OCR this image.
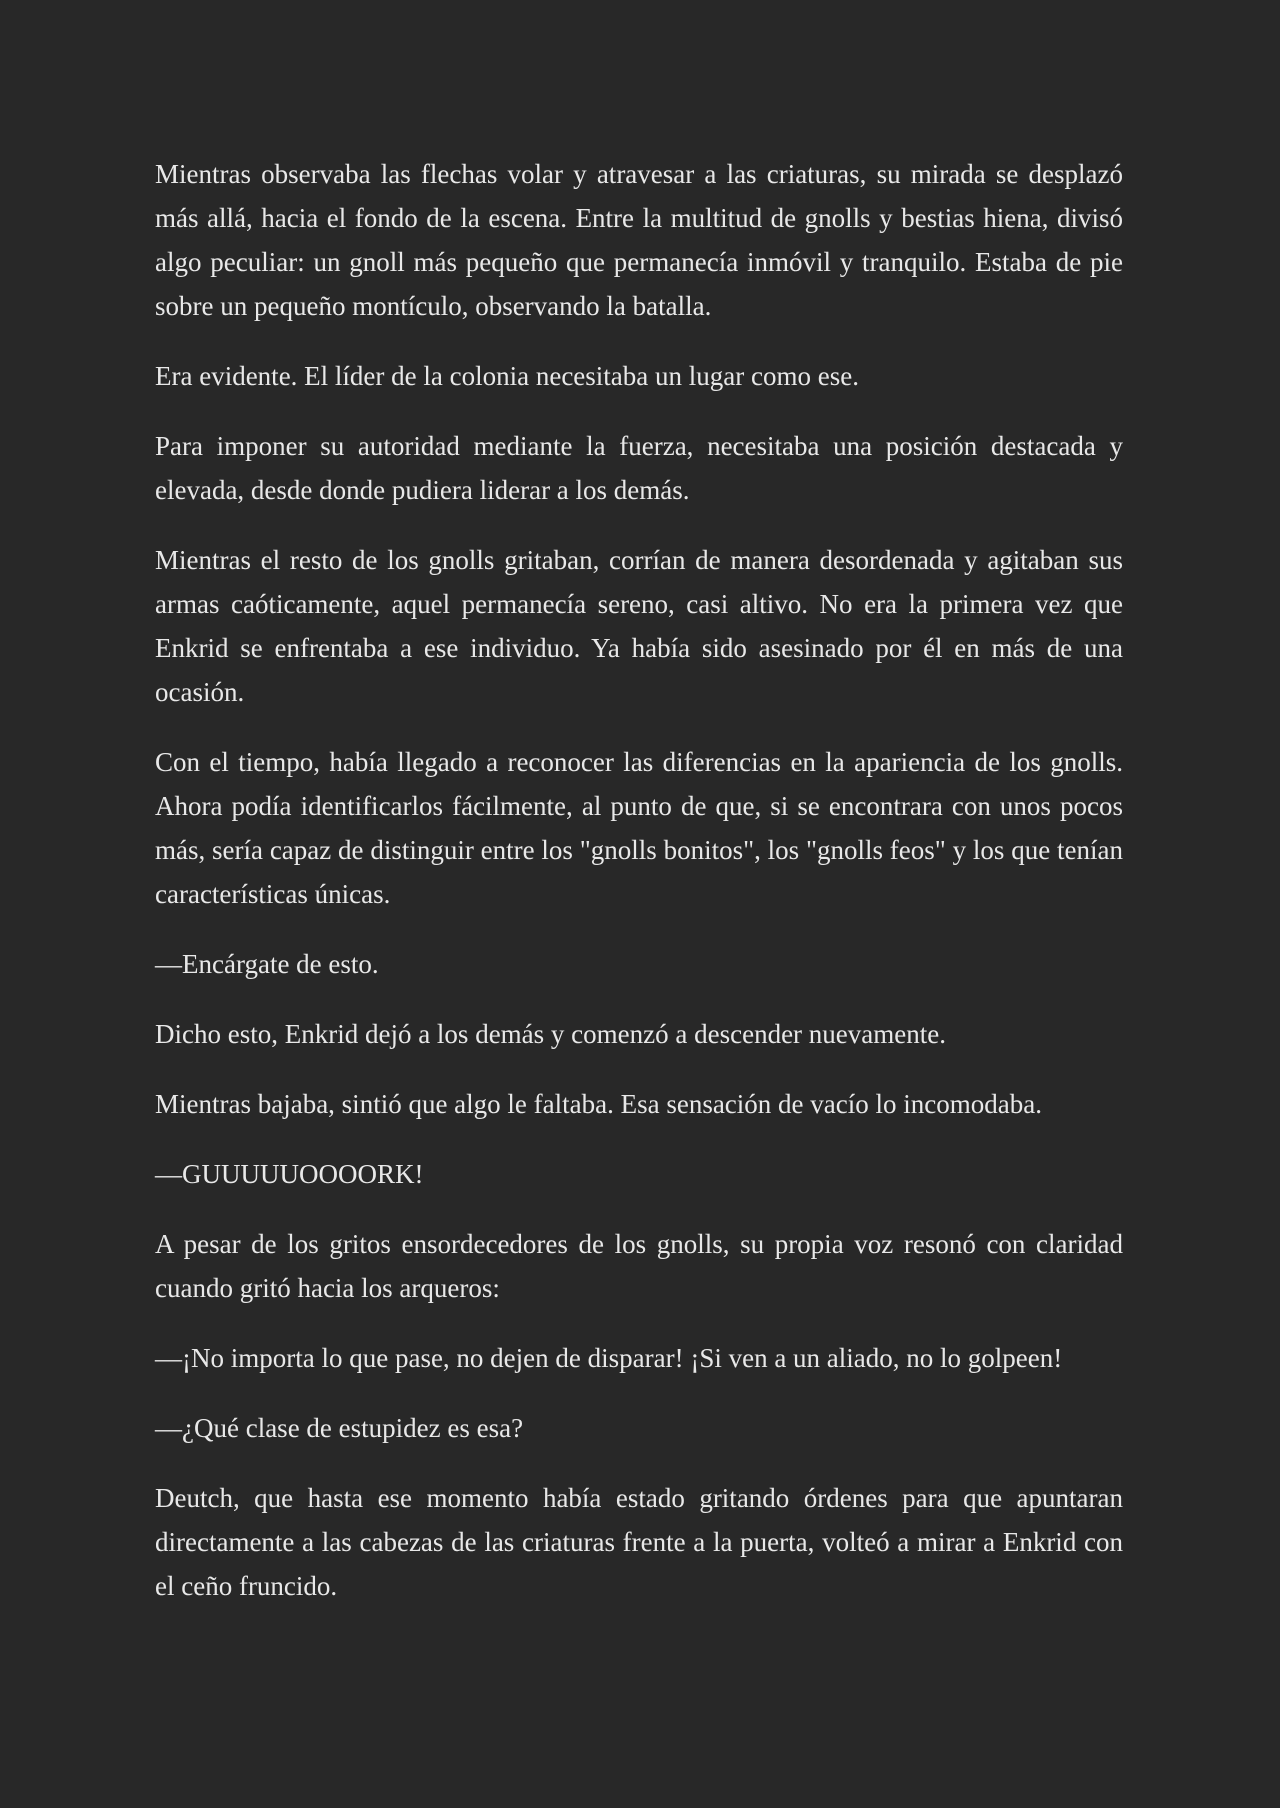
Mientras observaba las flechas volar y atravesar a las criaturas, su mirada se desplazó más allá, hacia el fondo de la escena. Entre la multitud de gnolls y bestias hiena, divisó algo peculiar: un gnoll más pequeño que permanecía inmóvil y tranquilo. Estaba de pie sobre un pequeño montículo, observando la batalla.

Era evidente. El líder de la colonia necesitaba un lugar como ese.

Para imponer su autoridad mediante la fuerza, necesitaba una posición destacada y elevada, desde donde pudiera liderar a los demás.

Mientras el resto de los gnolls gritaban, corrían de manera desordenada y agitaban sus armas caóticamente, aquel permanecía sereno, casi altivo. No era la primera vez que Enkrid se enfrentaba a ese individuo. Ya había sido asesinado por él en más de una ocasión.

Con el tiempo, había llegado a reconocer las diferencias en la apariencia de los gnolls. Ahora podía identificarlos fácilmente, al punto de que, si se encontrara con unos pocos más, sería capaz de distinguir entre los "gnolls bonitos", los "gnolls feos" y los que tenían características únicas.

—Encárgate de esto.

Dicho esto, Enkrid dejó a los demás y comenzó a descender nuevamente.

Mientras bajaba, sintió que algo le faltaba. Esa sensación de vacío lo incomodaba.

—GUUUUUOOOORK!

A pesar de los gritos ensordecedores de los gnolls, su propia voz resonó con claridad cuando gritó hacia los arqueros:

—¡No importa lo que pase, no dejen de disparar! ¡Si ven a un aliado, no lo golpeen!

—¿Qué clase de estupidez es esa?

Deutch, que hasta ese momento había estado gritando órdenes para que apuntaran directamente a las cabezas de las criaturas frente a la puerta, volteó a mirar a Enkrid con el ceño fruncido.
